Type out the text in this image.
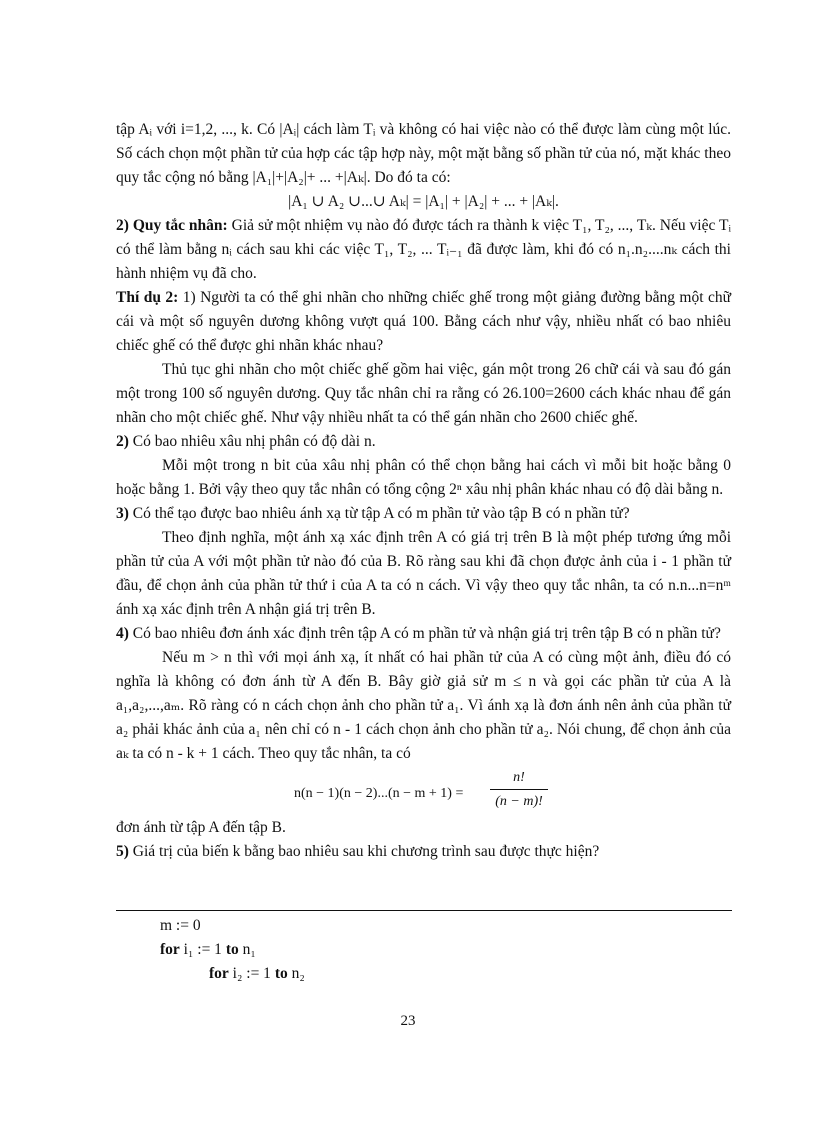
tập Aᵢ với i=1,2, ..., k. Có |Aᵢ| cách làm Tᵢ và không có hai việc nào có thể được làm cùng một lúc. Số cách chọn một phần tử của hợp các tập hợp này, một mặt bằng số phần tử của nó, mặt khác theo quy tắc cộng nó bằng |A₁|+|A₂|+ ... +|Aₖ|. Do đó ta có:

|A₁ ∪ A₂ ∪...∪ Aₖ| = |A₁| + |A₂| + ... + |Aₖ|.

2) Quy tắc nhân: Giả sử một nhiệm vụ nào đó được tách ra thành k việc T₁, T₂, ..., Tₖ. Nếu việc Tᵢ có thể làm bằng nᵢ cách sau khi các việc T₁, T₂, ... Tᵢ₋₁ đã được làm, khi đó có n₁.n₂....nₖ cách thi hành nhiệm vụ đã cho.

Thí dụ 2: 1) Người ta có thể ghi nhãn cho những chiếc ghế trong một giảng đường bằng một chữ cái và một số nguyên dương không vượt quá 100. Bằng cách như vậy, nhiều nhất có bao nhiêu chiếc ghế có thể được ghi nhãn khác nhau?

Thủ tục ghi nhãn cho một chiếc ghế gồm hai việc, gán một trong 26 chữ cái và sau đó gán một trong 100 số nguyên dương. Quy tắc nhân chỉ ra rằng có 26.100=2600 cách khác nhau để gán nhãn cho một chiếc ghế. Như vậy nhiều nhất ta có thể gán nhãn cho 2600 chiếc ghế.

2) Có bao nhiêu xâu nhị phân có độ dài n.

Mỗi một trong n bit của xâu nhị phân có thể chọn bằng hai cách vì mỗi bit hoặc bằng 0 hoặc bằng 1. Bởi vậy theo quy tắc nhân có tổng cộng 2ⁿ xâu nhị phân khác nhau có độ dài bằng n.

3) Có thể tạo được bao nhiêu ánh xạ từ tập A có m phần tử vào tập B có n phần tử?

Theo định nghĩa, một ánh xạ xác định trên A có giá trị trên B là một phép tương ứng mỗi phần tử của A với một phần tử nào đó của B. Rõ ràng sau khi đã chọn được ảnh của i - 1 phần tử đầu, để chọn ảnh của phần tử thứ i của A ta có n cách. Vì vậy theo quy tắc nhân, ta có n.n...n=nᵐ ánh xạ xác định trên A nhận giá trị trên B.

4) Có bao nhiêu đơn ánh xác định trên tập A có m phần tử và nhận giá trị trên tập B có n phần tử?

Nếu m > n thì với mọi ánh xạ, ít nhất có hai phần tử của A có cùng một ảnh, điều đó có nghĩa là không có đơn ánh từ A đến B. Bây giờ giả sử m ≤ n và gọi các phần tử của A là a₁,a₂,...,aₘ. Rõ ràng có n cách chọn ảnh cho phần tử a₁. Vì ánh xạ là đơn ánh nên ảnh của phần tử a₂ phải khác ảnh của a₁ nên chỉ có n - 1 cách chọn ảnh cho phần tử a₂. Nói chung, để chọn ảnh của aₖ ta có n - k + 1 cách. Theo quy tắc nhân, ta có

n(n − 1)(n − 2)...(n − m + 1) =
n!
(n − m)!

đơn ánh từ tập A đến tập B.

5) Giá trị của biến k bằng bao nhiêu sau khi chương trình sau được thực hiện?

m := 0
for i₁ := 1 to n₁
for i₂ := 1 to n₂
23
